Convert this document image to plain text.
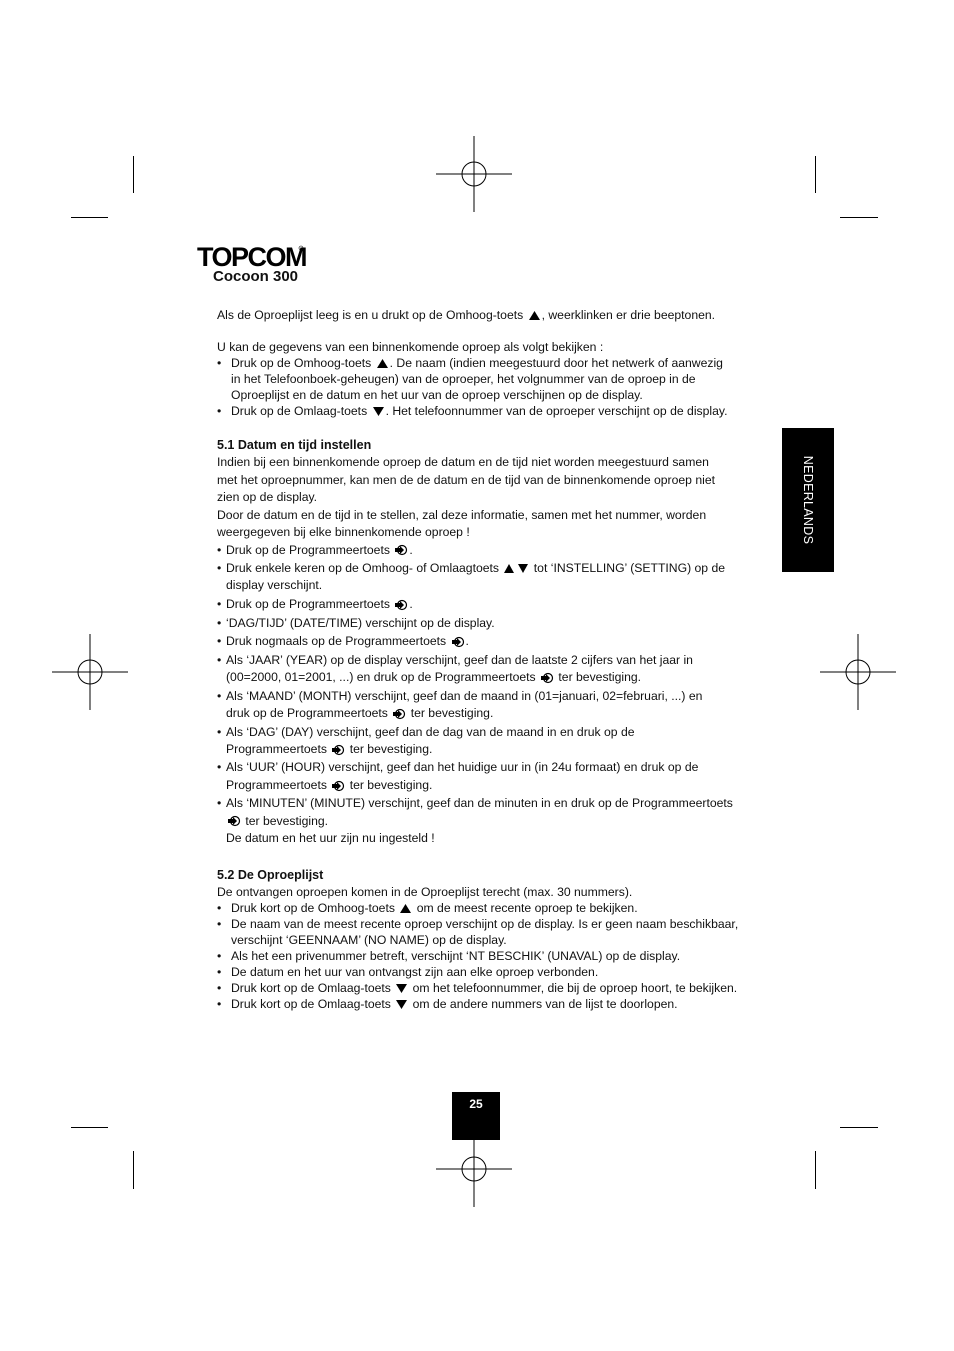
TOPCOM
Cocoon 300

Als de Oproeplijst leeg is en u drukt op de Omhoog-toets , weerklinken er drie beeptonen.

U kan de gegevens van een binnenkomende oproep als volgt bekijken :

• Druk op de Omhoog-toets . De naam (indien meegestuurd door het netwerk of aanwezig
in het Telefoonboek-geheugen) van de oproeper, het volgnummer van de oproep in de
Oproeplijst en de datum en het uur van de oproep verschijnen op de display.
• Druk op de Omlaag-toets . Het telefoonnummer van de oproeper verschijnt op de display.

5.1 Datum en tijd instellen

Indien bij een binnenkomende oproep de datum en de tijd niet worden meegestuurd samen
met het oproepnummer, kan men de de datum en de tijd van de binnenkomende oproep niet
zien op de display.

Door de datum en de tijd in te stellen, zal deze informatie, samen met het nummer, worden
weergegeven bij elke binnenkomende oproep !

• Druk op de Programmeertoets .
• Druk enkele keren op de Omhoog- of Omlaagtoets	tot ‘INSTELLING’ (SETTING) op de
display verschijnt.
• Druk op de Programmeertoets .
• ‘DAG/TIJD’ (DATE/TIME) verschijnt op de display.
• Druk nogmaals op de Programmeertoets .
• Als ‘JAAR’ (YEAR) op de display verschijnt, geef dan de laatste 2 cijfers van het jaar in
(00=2000, 01=2001, ...) en druk op de Programmeertoets ter bevestiging.
• Als ‘MAAND’ (MONTH) verschijnt, geef dan de maand in (01=januari, 02=februari, ...) en
druk op de Programmeertoets ter bevestiging.
• Als ‘DAG’ (DAY) verschijnt, geef dan de dag van de maand in en druk op de
Programmeertoets ter bevestiging.
• Als ‘UUR’ (HOUR) verschijnt, geef dan het huidige uur in (in 24u formaat) en druk op de
Programmeertoets ter bevestiging.
• Als ‘MINUTEN’ (MINUTE) verschijnt, geef dan de minuten in en druk op de Programmeertoets
ter bevestiging.
De datum en het uur zijn nu ingesteld !

5.2 De Oproeplijst

De ontvangen oproepen komen in de Oproeplijst terecht (max. 30 nummers).

• Druk kort op de Omhoog-toets om de meest recente oproep te bekijken.
• De naam van de meest recente oproep verschijnt op de display. Is er geen naam beschikbaar,
verschijnt ‘GEENNAAM’ (NO NAME) op de display.
• Als het een privenummer betreft, verschijnt ‘NT BESCHIK’ (UNAVAL) op de display.
• De datum en het uur van ontvangst zijn aan elke oproep verbonden.
• Druk kort op de Omlaag-toets om het telefoonnummer, die bij de oproep hoort, te bekijken.
• Druk kort op de Omlaag-toets om de andere nummers van de lijst te doorlopen.
NEDERLANDS
25
